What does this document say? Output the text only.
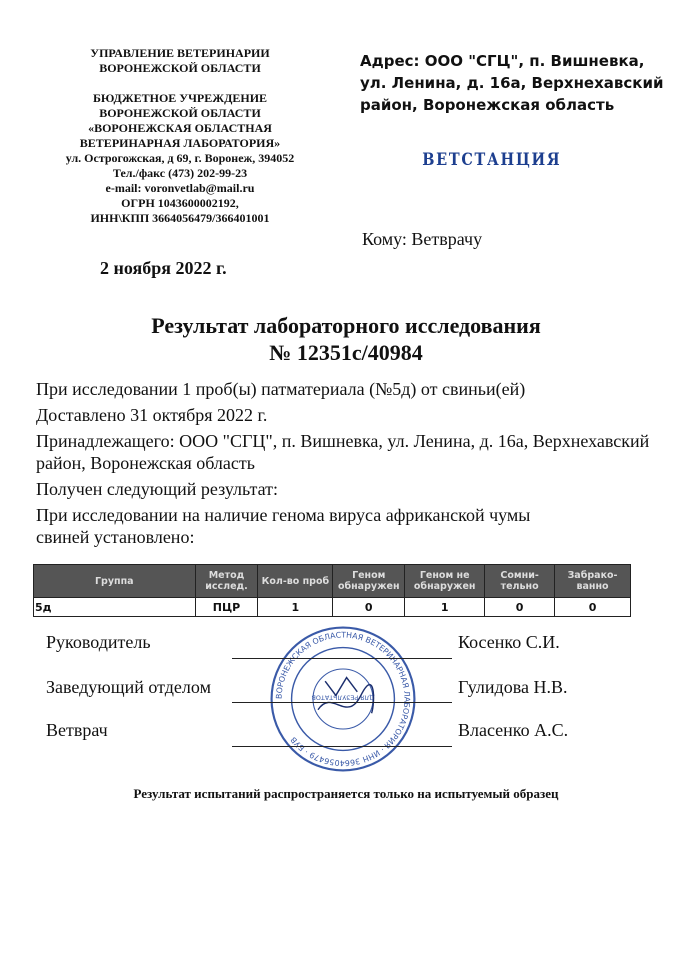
УПРАВЛЕНИЕ ВЕТЕРИНАРИИ
ВОРОНЕЖСКОЙ ОБЛАСТИ
БЮДЖЕТНОЕ УЧРЕЖДЕНИЕ
ВОРОНЕЖСКОЙ ОБЛАСТИ
«ВОРОНЕЖСКАЯ ОБЛАСТНАЯ
ВЕТЕРИНАРНАЯ ЛАБОРАТОРИЯ»
ул. Острогожская, д 69, г. Воронеж, 394052
Тел./факс (473) 202-99-23
e-mail: voronvetlab@mail.ru
ОГРН 1043600002192,
ИНН\КПП 3664056479/366401001
Адрес: ООО "СГЦ", п. Вишневка,
ул. Ленина, д. 16а, Верхнехавский
район, Воронежская область
ВЕТСТАНЦИЯ
Кому: Ветврачу
2 ноября 2022 г.
Результат лабораторного исследования
№ 12351с/40984

При исследовании 1 проб(ы) патматериала (№5д) от свиньи(ей)

Доставлено 31 октября 2022 г.

Принадлежащего: ООО "СГЦ", п. Вишневка, ул. Ленина, д. 16а, Верхнехавский район, Воронежская область

Получен следующий результат:

При исследовании на наличие генома вируса африканской чумы свиней установлено:

Группа	Метод исслед.	Кол-во проб	Геном обнаружен	Геном не обнаружен	Сомни-тельно	Забрако-ванно
5д	ПЦР	1	0	1	0	0
ВОРОНЕЖСКАЯ ОБЛАСТНАЯ ВЕТЕРИНАРНАЯ ЛАБОРАТОРИЯ · ИНН 3664056479 · БУВ
ДЛЯ РЕЗУЛЬТАТОВ
Руководитель	Косенко С.И.
Заведующий отделом	Гулидова Н.В.
Ветврач	Власенко А.С.
Результат испытаний распространяется только на испытуемый образец
